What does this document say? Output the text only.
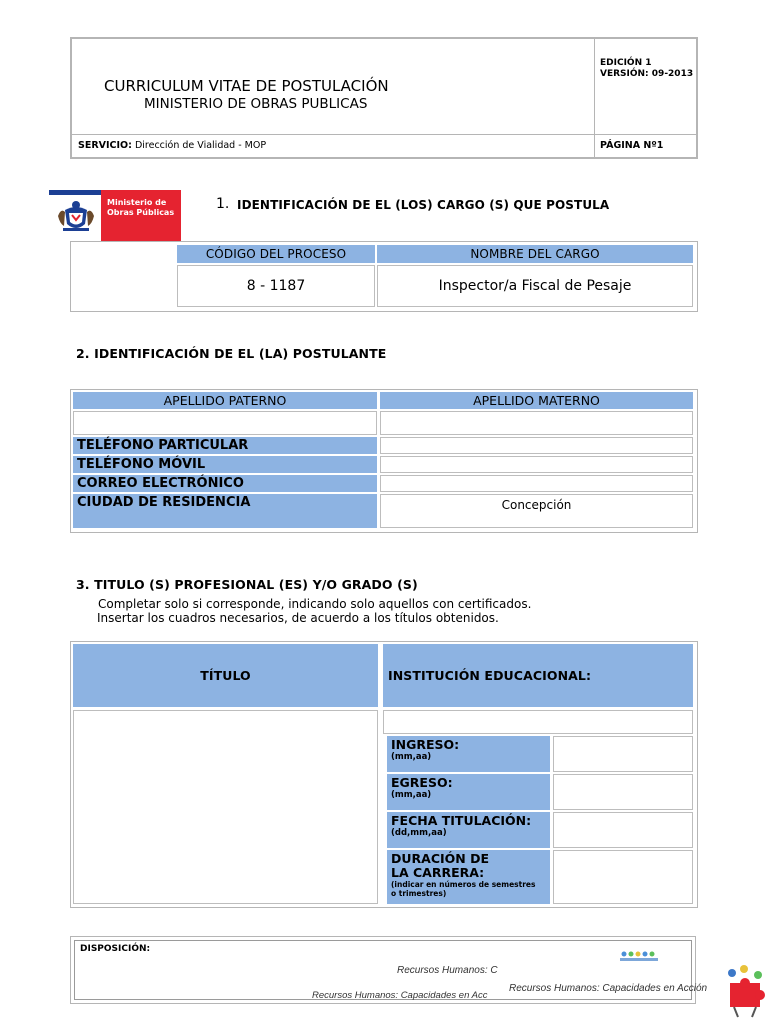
CURRICULUM VITAE DE POSTULACIÓN
MINISTERIO DE OBRAS PUBLICAS
EDICIÓN 1
VERSIÓN: 09-2013
SERVICIO: Dirección de Vialidad - MOP	PÁGINA Nº1
Ministerio de
Obras Públicas
1. IDENTIFICACIÓN DE EL (LOS) CARGO (S) QUE POSTULA
CÓDIGO DEL PROCESO	NOMBRE DEL CARGO
8 - 1187	Inspector/a Fiscal de Pesaje
2. IDENTIFICACIÓN DE EL (LA) POSTULANTE
APELLIDO PATERNO	APELLIDO MATERNO
TELÉFONO PARTICULAR
TELÉFONO MÓVIL
CORREO ELECTRÓNICO
CIUDAD DE RESIDENCIA	Concepción
3. TITULO (S) PROFESIONAL (ES) Y/O GRADO (S)
Completar solo si corresponde, indicando solo aquellos con certificados.
Insertar los cuadros necesarios, de acuerdo a los títulos obtenidos.
TÍTULO	INSTITUCIÓN EDUCACIONAL:
INGRESO:
(mm,aa)
EGRESO:
(mm,aa)
FECHA TITULACIÓN:
(dd,mm,aa)
DURACIÓN DE LA CARRERA:
(indicar en números de semestres o trimestres)
DISPOSICIÓN:
Recursos Humanos: C
Recursos Humanos: Capacidades en Acc
Recursos Humanos: Capacidades en Acción
